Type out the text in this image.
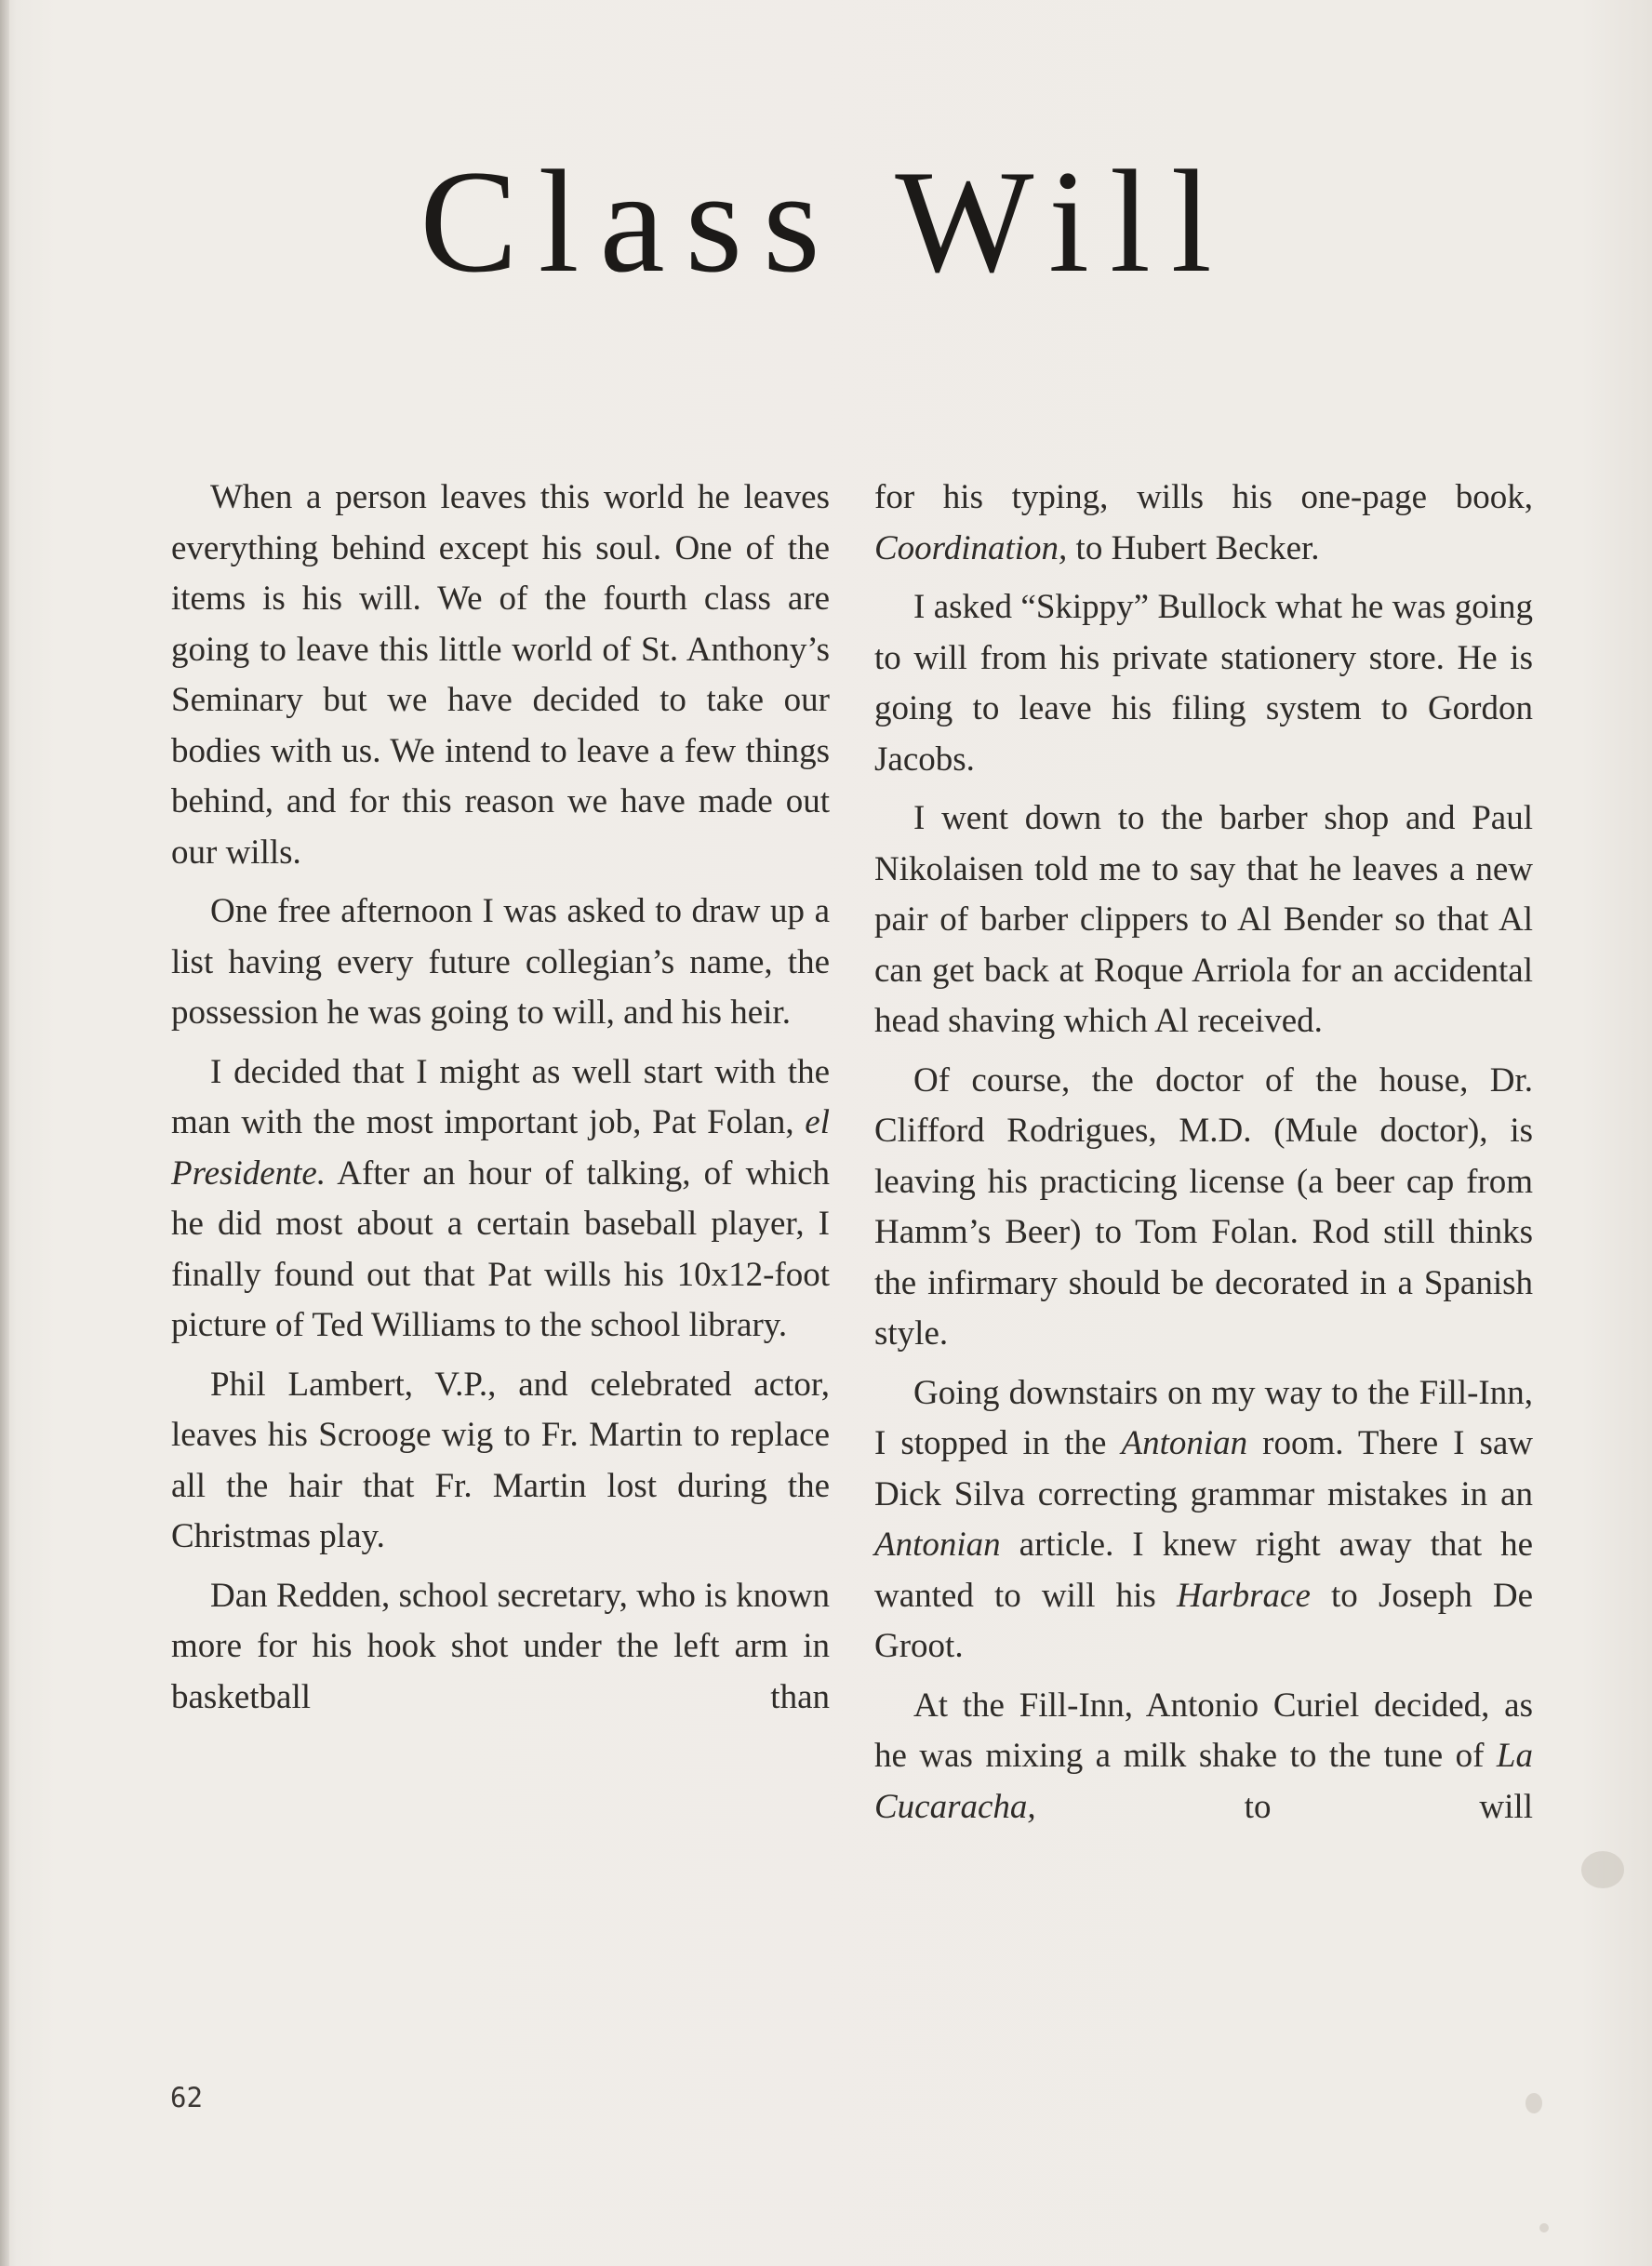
Class Will

When a person leaves this world he leaves everything behind except his soul. One of the items is his will. We of the fourth class are going to leave this little world of St. Anthony’s Seminary but we have decided to take our bodies with us. We intend to leave a few things behind, and for this reason we have made out our wills.

One free afternoon I was asked to draw up a list having every future collegian’s name, the possession he was going to will, and his heir.

I decided that I might as well start with the man with the most important job, Pat Folan, el Presidente. After an hour of talking, of which he did most about a certain baseball player, I finally found out that Pat wills his 10x12-foot picture of Ted Williams to the school library.

Phil Lambert, V.P., and celebrated actor, leaves his Scrooge wig to Fr. Martin to replace all the hair that Fr. Martin lost during the Christmas play.

Dan Redden, school secretary, who is known more for his hook shot under the left arm in basketball than

for his typing, wills his one-page book, Coordination, to Hubert Becker.

I asked “Skippy” Bullock what he was going to will from his private stationery store. He is going to leave his filing system to Gordon Jacobs.

I went down to the barber shop and Paul Nikolaisen told me to say that he leaves a new pair of barber clippers to Al Bender so that Al can get back at Roque Arriola for an accidental head shaving which Al received.

Of course, the doctor of the house, Dr. Clifford Rodrigues, M.D. (Mule doctor), is leaving his practicing license (a beer cap from Hamm’s Beer) to Tom Folan. Rod still thinks the infirmary should be decorated in a Spanish style.

Going downstairs on my way to the Fill-Inn, I stopped in the Antonian room. There I saw Dick Silva correcting grammar mistakes in an Antonian article. I knew right away that he wanted to will his Harbrace to Joseph De Groot.

At the Fill-Inn, Antonio Curiel decided, as he was mixing a milk shake to the tune of La Cucaracha, to will

62
